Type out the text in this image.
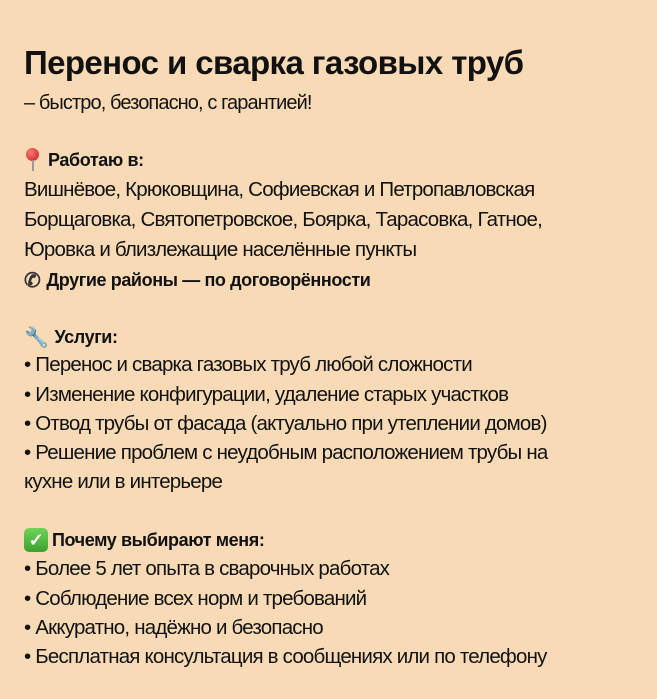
Перенос и сварка газовых труб
– быстро, безопасно, с гарантией!
Работаю в:
Вишнёвое, Крюковщина, Софиевская и Петропавловская
Борщаговка, Святопетровское, Боярка, Тарасовка, Гатное,
Юровка и близлежащие населённые пункты
✆ Другие районы — по договорённости
🔧 Услуги:
• Перенос и сварка газовых труб любой сложности
• Изменение конфигурации, удаление старых участков
• Отвод трубы от фасада (актуально при утеплении домов)
• Решение проблем с неудобным расположением трубы на
кухне или в интерьере
✓ Почему выбирают меня:
• Более 5 лет опыта в сварочных работах
• Соблюдение всех норм и требований
• Аккуратно, надёжно и безопасно
• Бесплатная консультация в сообщениях или по телефону
